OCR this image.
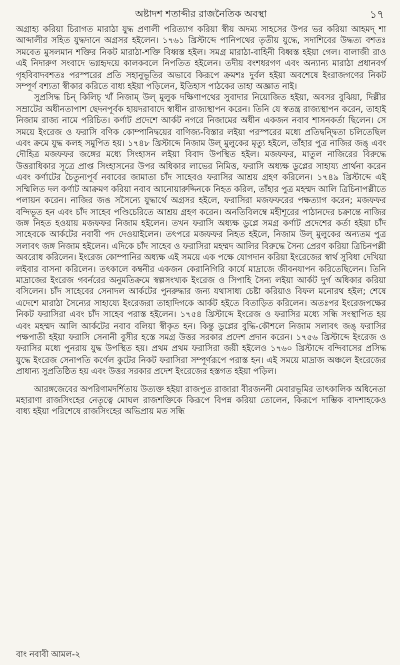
অষ্টাদশ শতাব্দীর রাজনৈতিক অবস্থা	১৭

অগ্রাহ্য করিয়া চিরাগত মারাঠা যুদ্ধ প্রণালী পরিত্যাগ করিয়া স্বীয় অদম্য সাহসের উপর ভর করিয়া আহমদ্ শা আব্দালীর সহিত যুদ্ধদানে অগ্রসর হইলেন। ১৭৬১ খ্রিস্টাব্দে পানিপথের তৃতীয় যুদ্ধে, সদাশিবের উদ্ধত্য বশতঃ সমবেত মুসলমান শক্তির নিকট মারাঠা-শক্তি বিধ্বস্ত হইল। সমগ্র মারাঠা-বাহিনী বিধ্বস্ত হইয়া গেল। বালাজী রাও এই নিদারুণ সংবাদে ভগ্নহৃদয়ে কালকবলে নিপতিত হইলেন। তদীয় বংশধরগণ এবং অন্যান্য মারাঠা প্রধানবর্গ গৃহবিবাদবশতঃ পরস্পরের প্রতি সহানুভূতির অভাবে কিরূপে ক্রমশঃ দুর্বল হইয়া অবশেষে ইংরাজগণের নিকট সম্পূর্ণ বশ্যতা স্বীকার করিতে বাধ্য হইয়া পড়িলেন, ইতিহাস পাঠকের তাহা অজ্ঞাত নাই।

সুপ্রসিদ্ধ চিন্ কিলিচ্ খাঁ নিজাম্ উল্ মুলুক দক্ষিণাপথের সুবাদার নিয়োজিত হইয়া, অবসর বুঝিয়া, দিল্লীর সম্রাটের অধীনতাপাশ ছেদনপূর্বক হায়দরাবাদে স্বাধীন রাজ্যস্থাপন করেন। তিনি যে স্বতন্ত্র রাজ্যস্থাপন করেন, তাহাই নিজাম রাজ্য নামে পরিচিত। কর্ণাট প্রদেশে আর্কট নগরে নিজামের অধীন একজন নবাব শাসনকর্তা ছিলেন। সে সময়ে ইংরেজ ও ফরাসি বণিক কোম্পানিদ্বয়ের বাণিজ্য-বিস্তার লইয়া পরস্পরের মধ্যে প্রতিদ্বন্দ্বিতা চলিতেছিল এবং ক্রমে যুদ্ধ কলহ সমুপিত হয়। ১৭৪৮ খ্রিস্টাব্দে নিজাম উল্ মুলুকের মৃত্যু হইলে, তাঁহার পুত্র নাজির জঙ্ এবং দৌহিত্র মজফফর জঙ্গের মধ্যে সিংহাসন লইয়া বিবাদ উপস্থিত হইল। মজফফর, মাতুল নাজিরের বিরুদ্ধে উত্তরাধিকার সূত্রে প্রাপ্ত সিংহাসনের উপর অধিকার লাভের নিমিত্ত, ফরাসি অধ্যক্ষ ডুপ্লের সাহায্য প্রার্থনা করেন এবং কর্ণাটের চৈতুন্যপূর্ব নবাবের জামাতা চাঁদ সাহেবও ফরাসির আশ্রয় গ্রহণ করিলেন। ১৭৪৯ খ্রিস্টাব্দে এই সম্মিলিত দল কর্ণাট আক্রমণ করিয়া নবাব আনোয়ারুদ্দিনকে নিহত করিল, তাঁহার পুত্র মহম্মদ আলি ত্রিচিনাপল্লীতে পলায়ন করেন। নাজির জঙ সসৈন্যে যুদ্ধার্থে অগ্রসর হইলে, ফরাসিরা মজফফরের পক্ষত্যাগ করেন; মজফফর বন্দিভূত হন এবং চাঁদ সাহেব পণ্ডিচেরিতে আশ্রয় গ্রহণ করেন। অনতিবিলম্বে মহীশূরের পাঠানদের চক্রান্তে নাজির জঙ্গ নিহত হওয়ায় মজফফর নিজাম হইলেন। তখন ফরাসি অধ্যক্ষ ডুপ্লে সমগ্র কর্ণাট প্রদেশের কর্তা হইয়া চাঁদ সাহেবকে আর্কটের নবাবী পদ দেওয়াইলেন। তৎপরে মজফফর নিহত হইলে, নিজাম উল্ মুলুকের অন্যতম পুত্র সলাবৎ জঙ্গ নিজাম হইলেন। এদিকে চাঁদ সাহেব ও ফরাসিরা মহম্মদ আলির বিরুদ্ধে সৈন্য প্রেরণ করিয়া ত্রিচিনপল্লী অবরোধ করিলেন। ইংরেজ কোম্পানির অধ্যক্ষ এই সময়ে এক পক্ষে যোগদান করিয়া ইংরেজের স্বার্থ সুবিধা দেখিয়া লইবার বাসনা করিলেন। তৎকালে কম্বনীর একজন কেরানিগিরি কার্যে মাদ্রাজে জীবনযাপন করিতেছিলেন। তিনি মাদ্রাজের ইংরেজ গবর্নরের অনুমতিক্রমে স্বল্পসংখ্যক ইংরেজ ও সিপাহি সৈন্য লইয়া আর্কট দুর্গ অধিকার করিয়া বসিলেন। চাঁদ সাহেবের সেনাদল আর্কটের পুনরুদ্ধার জন্য যথাসাধ্য চেষ্টা করিয়াও বিফল মনোরথ হইল; শেষে এদেশে মারাঠা সৈন্যের সাহায্যে ইংরেজরা তাহাদিগকে আর্কট হইতে বিতাড়িত করিলেন। অতঃপর ইংরেজপক্ষের নিকট ফরাসিরা এবং চাঁদ সাহেব পরাস্ত হইলেন। ১৭৫৪ খ্রিস্টাব্দে ইংরেজ ও ফরাসির মধ্যে সন্ধি সংস্থাপিত হয় এবং মহম্মদ আলি আর্কটের নবাব বলিয়া স্বীকৃত হন। কিন্তু ডুপ্লের বুদ্ধি-কৌশলে নিজাম সলাবৎ জঙ্ ফরাসির পক্ষপাতী হইয়া ফরাসি সেনানী বুসীর হস্তে সমগ্র উত্তর সরকার প্রদেশ প্রদান করেন। ১৭৫৬ খ্রিস্টাব্দে ইংরেজ ও ফরাসির মধ্যে পুনরায় যুদ্ধ উপস্থিত হয়। প্রথম প্রথম ফরাসিরা জয়ী হইলেও ১৭৬০ খ্রিস্টাব্দে বন্দিবাসের প্রসিদ্ধ যুদ্ধে ইংরেজ সেনাপতি কর্ণেল কুটের নিকট ফরাসিরা সম্পূর্ণরূপে পরাস্ত হন। এই সময়ে মাদ্রাজ অঞ্চলে ইংরেজের প্রাধান্য সুপ্রতিষ্ঠিত হয় এবং উত্তর সরকার প্রদেশ ইংরেজের হস্তগত হইয়া পড়িল।

আরঙ্গজেবের অপরিণামদর্শিতায় উত্যক্ত হইয়া রাজপুত রাজারা বীরজননী মেবারভূমির তাৎকালিক অধিনেতা মহারাণা রাজসিংহের নেতৃত্বে মোঘল রাজশক্তিকে কিরূপে বিপন্ন করিয়া তোলেন, কিরূপে দাম্ভিক বাদশাহকেও বাধ্য হইয়া পরিশেষে রাজসিংহের অভিপ্রায় মত সন্ধি

বাং নবাবী আমল-২
